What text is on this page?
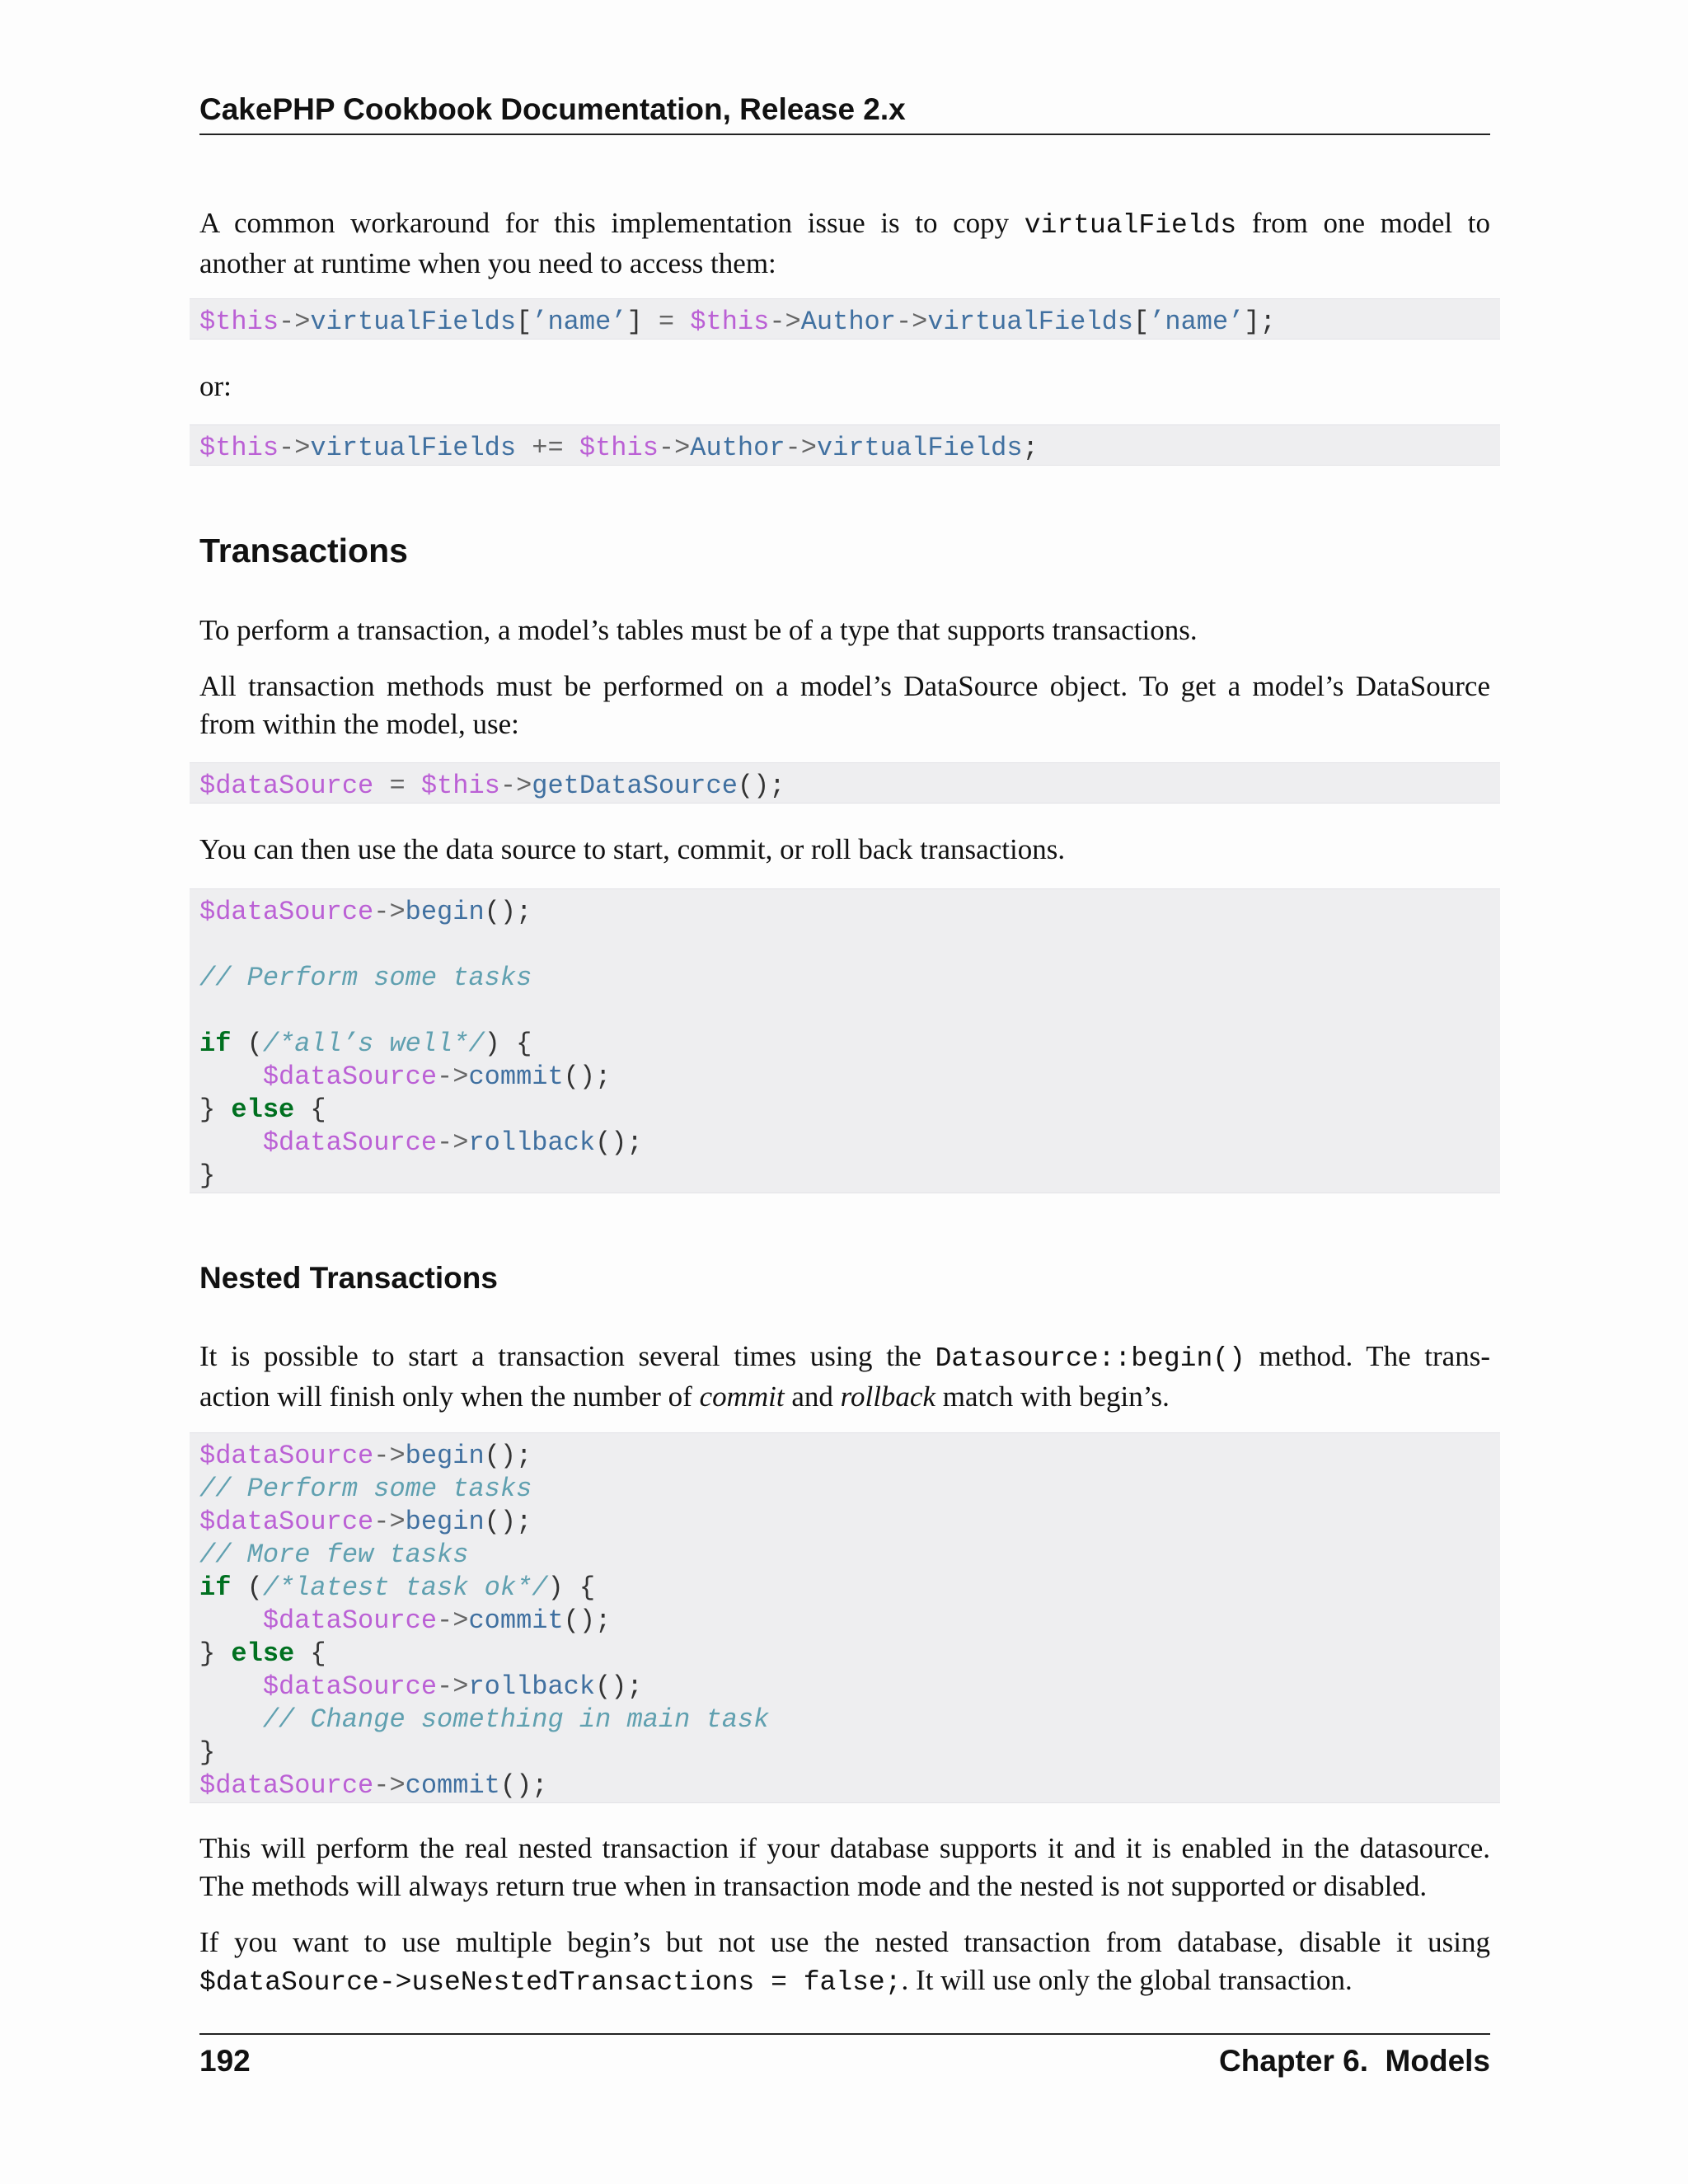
CakePHP Cookbook Documentation, Release 2.x
A common workaround for this implementation issue is to copy virtualFields from one model to
another at runtime when you need to access them:
$this->virtualFields[’name’] = $this->Author->virtualFields[’name’];
or:
$this->virtualFields += $this->Author->virtualFields;
Transactions
To perform a transaction, a model’s tables must be of a type that supports transactions.
All transaction methods must be performed on a model’s DataSource object. To get a model’s DataSource
from within the model, use:
$dataSource = $this->getDataSource();
You can then use the data source to start, commit, or roll back transactions.
$dataSource->begin();
// Perform some tasks
if (/*all’s well*/) {
$dataSource->commit();
} else {
$dataSource->rollback();
}
Nested Transactions
It is possible to start a transaction several times using the Datasource::begin() method. The trans-
action will finish only when the number of commit and rollback match with begin’s.
$dataSource->begin();
// Perform some tasks
$dataSource->begin();
// More few tasks
if (/*latest task ok*/) {
$dataSource->commit();
} else {
$dataSource->rollback();
// Change something in main task
}
$dataSource->commit();
This will perform the real nested transaction if your database supports it and it is enabled in the datasource.
The methods will always return true when in transaction mode and the nested is not supported or disabled.
If you want to use multiple begin’s but not use the nested transaction from database, disable it using
$dataSource->useNestedTransactions = false;. It will use only the global transaction.
192	Chapter 6.  Models
